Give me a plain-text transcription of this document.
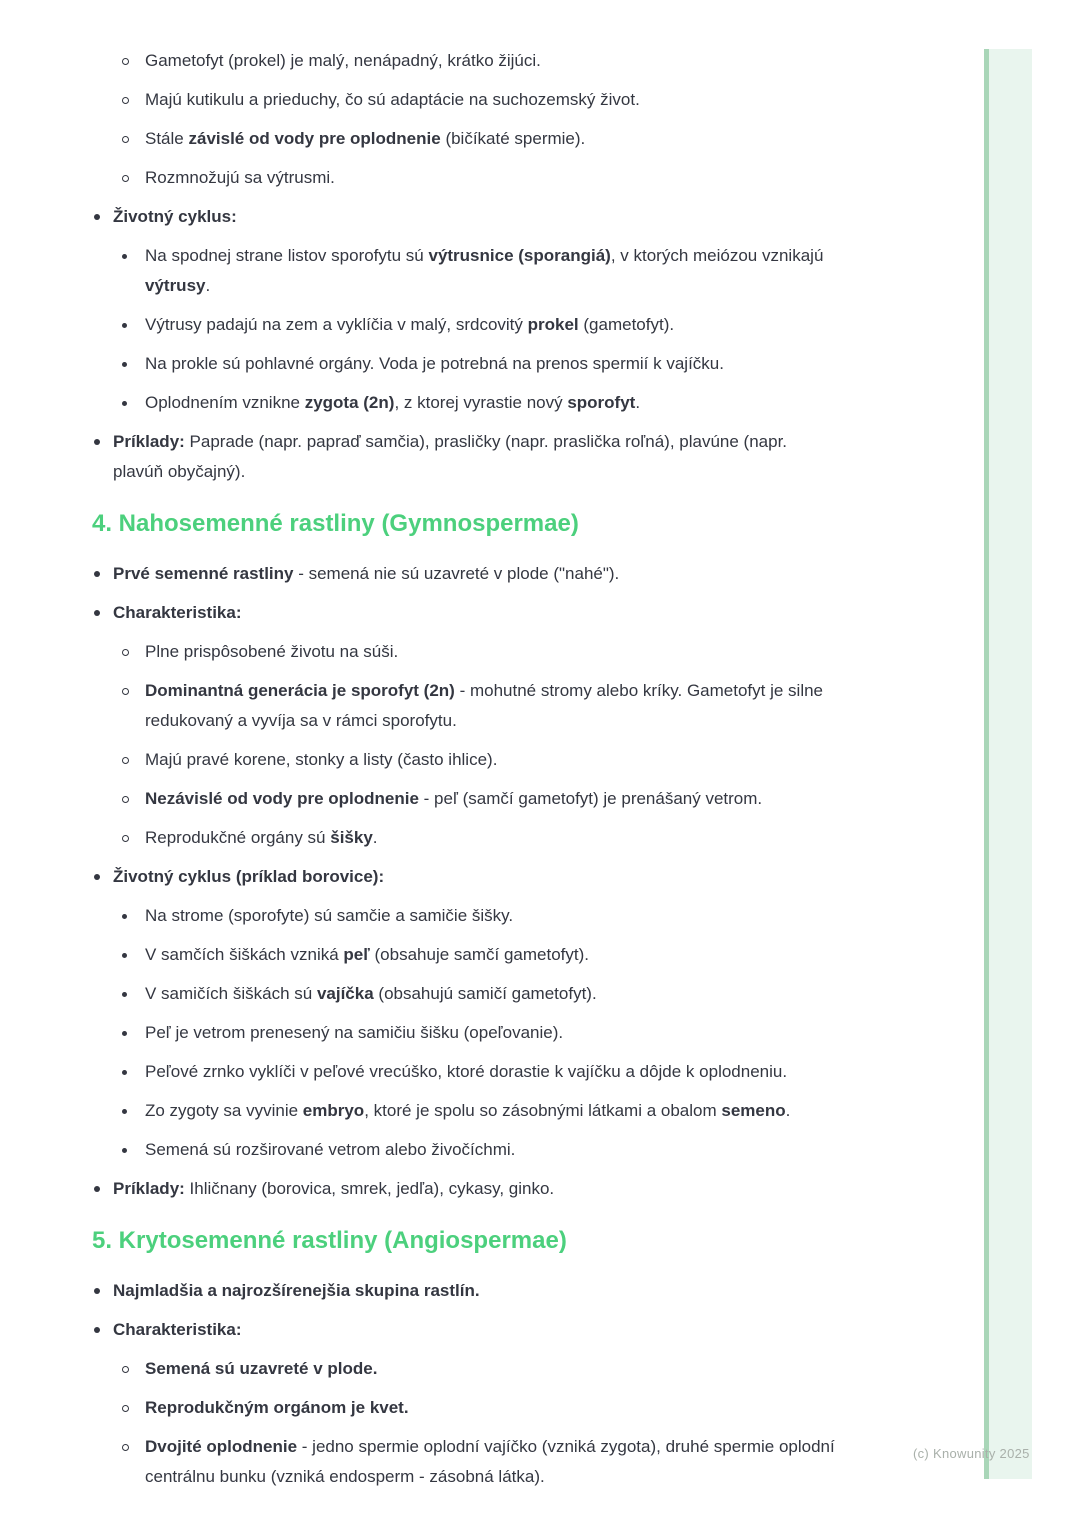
Gametofyt (prokel) je malý, nenápadný, krátko žijúci.
Majú kutikulu a prieduchy, čo sú adaptácie na suchozemský život.
Stále závislé od vody pre oplodnenie (bičíkaté spermie).
Rozmnožujú sa výtrusmi.
Životný cyklus:
Na spodnej strane listov sporofytu sú výtrusnice (sporangiá), v ktorých meiózou vznikajú výtrusy.
Výtrusy padajú na zem a vyklíčia v malý, srdcovitý prokel (gametofyt).
Na prokle sú pohlavné orgány. Voda je potrebná na prenos spermií k vajíčku.
Oplodnením vznikne zygota (2n), z ktorej vyrastie nový sporofyt.
Príklady: Paprade (napr. papraď samčia), prasličky (napr. praslička roľná), plavúne (napr. plavúň obyčajný).
4. Nahosemenné rastliny (Gymnospermae)
Prvé semenné rastliny - semená nie sú uzavreté v plode ("nahé").
Charakteristika:
Plne prispôsobené životu na súši.
Dominantná generácia je sporofyt (2n) - mohutné stromy alebo kríky. Gametofyt je silne redukovaný a vyvíja sa v rámci sporofytu.
Majú pravé korene, stonky a listy (často ihlice).
Nezávislé od vody pre oplodnenie - peľ (samčí gametofyt) je prenášaný vetrom.
Reprodukčné orgány sú šišky.
Životný cyklus (príklad borovice):
Na strome (sporofyte) sú samčie a samičie šišky.
V samčích šiškách vzniká peľ (obsahuje samčí gametofyt).
V samičích šiškách sú vajíčka (obsahujú samičí gametofyt).
Peľ je vetrom prenesený na samičiu šišku (opeľovanie).
Peľové zrnko vyklíči v peľové vrecúško, ktoré dorastie k vajíčku a dôjde k oplodneniu.
Zo zygoty sa vyvinie embryo, ktoré je spolu so zásobnými látkami a obalom semeno.
Semená sú rozširované vetrom alebo živočíchmi.
Príklady: Ihličnany (borovica, smrek, jedľa), cykasy, ginko.
5. Krytosemenné rastliny (Angiospermae)
Najmladšia a najrozšírenejšia skupina rastlín.
Charakteristika:
Semená sú uzavreté v plode.
Reprodukčným orgánom je kvet.
Dvojité oplodnenie - jedno spermie oplodní vajíčko (vzniká zygota), druhé spermie oplodní centrálnu bunku (vzniká endosperm - zásobná látka).
(c) Knowunity 2025
